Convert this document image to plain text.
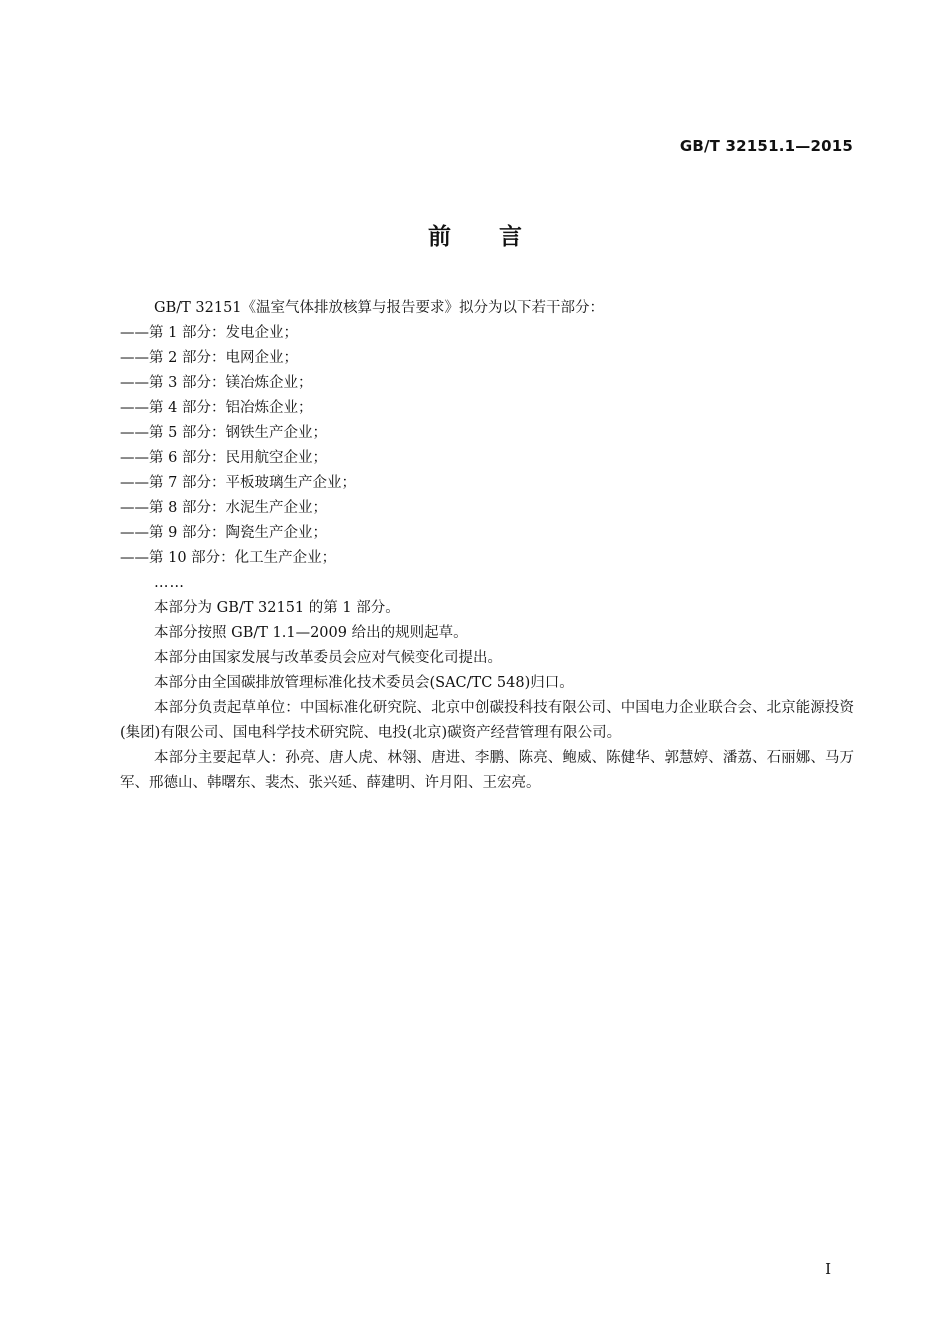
GB/T 32151.1—2015
前 言
GB/T 32151《温室气体排放核算与报告要求》拟分为以下若干部分：
——第 1 部分：发电企业；
——第 2 部分：电网企业；
——第 3 部分：镁冶炼企业；
——第 4 部分：铝冶炼企业；
——第 5 部分：钢铁生产企业；
——第 6 部分：民用航空企业；
——第 7 部分：平板玻璃生产企业；
——第 8 部分：水泥生产企业；
——第 9 部分：陶瓷生产企业；
——第 10 部分：化工生产企业；
……
本部分为 GB/T 32151 的第 1 部分。
本部分按照 GB/T 1.1—2009 给出的规则起草。
本部分由国家发展与改革委员会应对气候变化司提出。
本部分由全国碳排放管理标准化技术委员会(SAC/TC 548)归口。
本部分负责起草单位：中国标准化研究院、北京中创碳投科技有限公司、中国电力企业联合会、北京能源投资(集团)有限公司、国电科学技术研究院、电投(北京)碳资产经营管理有限公司。
本部分主要起草人：孙亮、唐人虎、林翎、唐进、李鹏、陈亮、鲍威、陈健华、郭慧婷、潘荔、石丽娜、马万军、邢德山、韩曙东、裴杰、张兴延、薛建明、许月阳、王宏亮。
I
